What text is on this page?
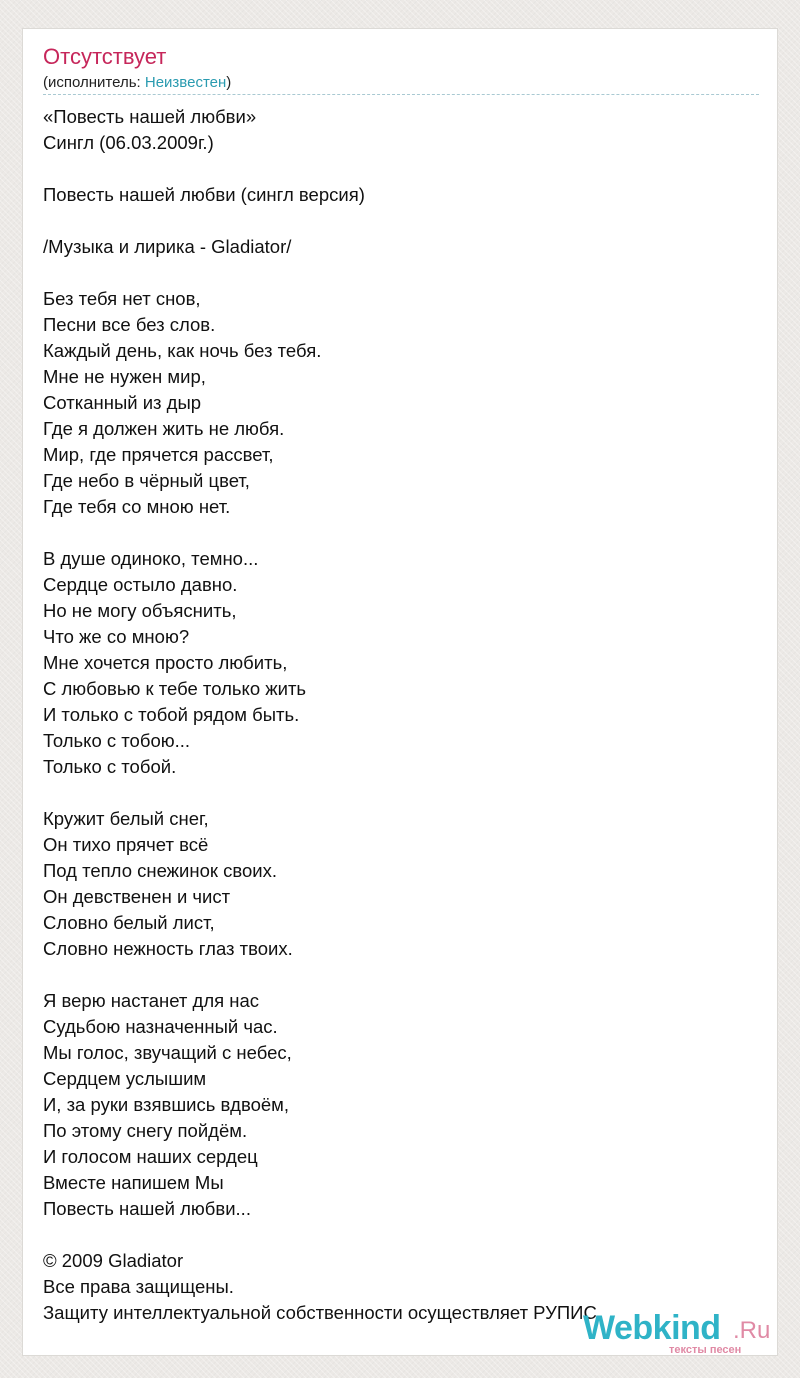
Отсутствует
(исполнитель: Неизвестен)
«Повесть нашей любви»
Сингл (06.03.2009г.)

Повесть нашей любви (сингл версия)

/Музыка и лирика - Gladiator/

Без тебя нет снов,
Песни все без слов.
Каждый день, как ночь без тебя.
Мне не нужен мир,
Сотканный из дыр
Где я должен жить не любя.
Мир, где прячется рассвет,
Где небо в чёрный цвет,
Где тебя со мною нет.

В душе одиноко, темно...
Сердце остыло давно.
Но не могу объяснить,
Что же со мною?
Мне хочется просто любить,
С любовью к тебе только жить
И только с тобой рядом быть.
Только с тобою...
Только с тобой.

Кружит белый снег,
Он тихо прячет всё
Под тепло снежинок своих.
Он девственен и чист
Словно белый лист,
Словно нежность глаз твоих.

Я верю настанет для нас
Судьбою назначенный час.
Мы голос, звучащий с небес,
Сердцем услышим
И, за руки взявшись вдвоём,
По этому снегу пойдём.
И голосом наших сердец
Вместе напишем Мы
Повесть нашей любви...

© 2009 Gladiator
Все права защищены.
Защиту интеллектуальной собственности осуществляет РУПИС.
Webkind .Ru
тексты песен
